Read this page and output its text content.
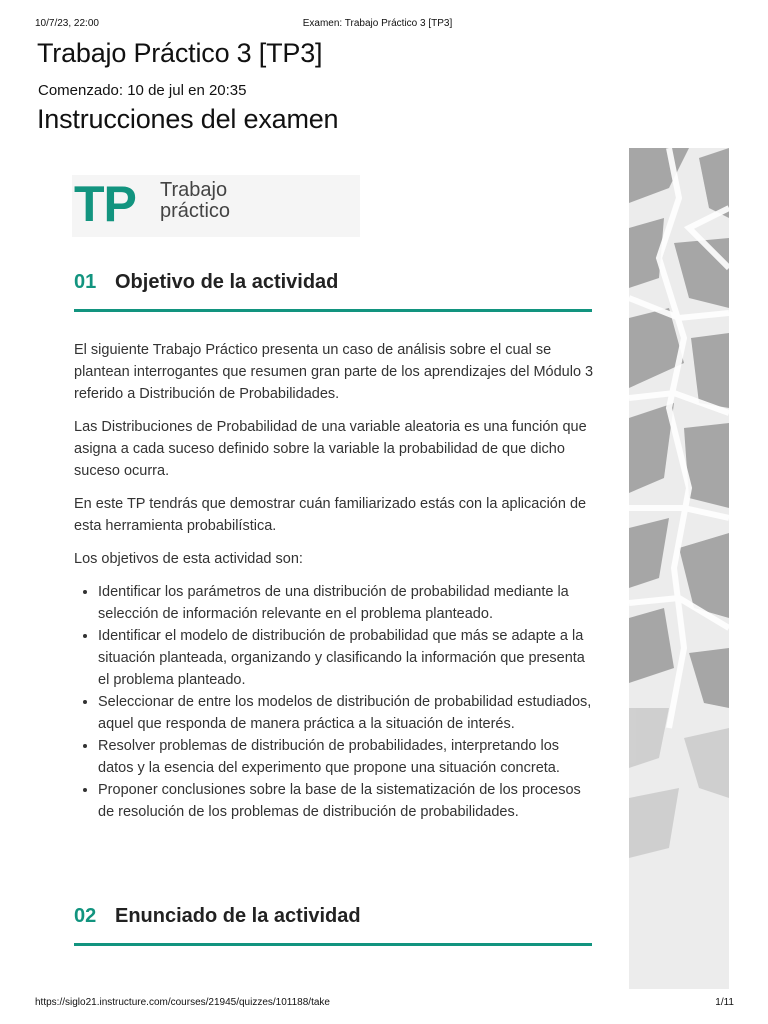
10/7/23, 22:00	Examen: Trabajo Práctico 3 [TP3]
Trabajo Práctico 3 [TP3]
Comenzado: 10 de jul en 20:35
Instrucciones del examen
TP Trabajo
práctico
01 Objetivo de la actividad

El siguiente Trabajo Práctico presenta un caso de análisis sobre el cual se plantean interrogantes que resumen gran parte de los aprendizajes del Módulo 3 referido a Distribución de Probabilidades.

Las Distribuciones de Probabilidad de una variable aleatoria es una función que asigna a cada suceso definido sobre la variable la probabilidad de que dicho suceso ocurra.

En este TP tendrás que demostrar cuán familiarizado estás con la aplicación de esta herramienta probabilística.

Los objetivos de esta actividad son:

• Identificar los parámetros de una distribución de probabilidad mediante la selección de información relevante en el problema planteado.
• Identificar el modelo de distribución de probabilidad que más se adapte a la situación planteada, organizando y clasificando la información que presenta el problema planteado.
• Seleccionar de entre los modelos de distribución de probabilidad estudiados, aquel que responda de manera práctica a la situación de interés.
• Resolver problemas de distribución de probabilidades, interpretando los datos y la esencia del experimento que propone una situación concreta.
• Proponer conclusiones sobre la base de la sistematización de los procesos de resolución de los problemas de distribución de probabilidades.
02 Enunciado de la actividad
https://siglo21.instructure.com/courses/21945/quizzes/101188/take	1/11
